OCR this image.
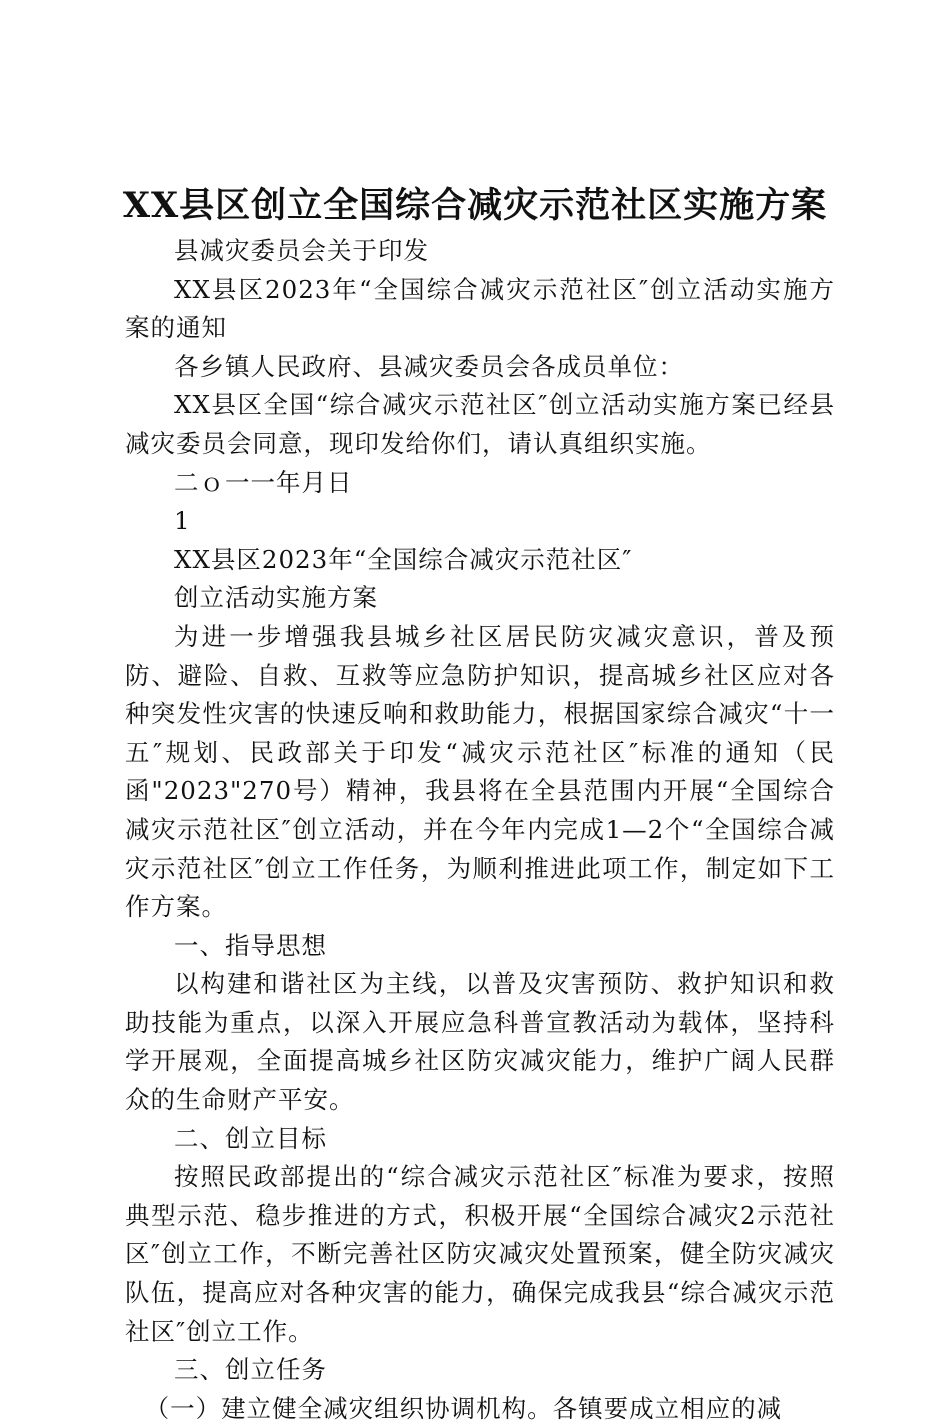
XX县区创立全国综合减灾示范社区实施方案

县减灾委员会关于印发

XX县区2023年“全国综合减灾示范社区″创立活动实施方案的通知

各乡镇人民政府、县减灾委员会各成员单位：

XX县区全国“综合减灾示范社区″创立活动实施方案已经县减灾委员会同意，现印发给你们，请认真组织实施。

二ｏ一一年月日

1

XX县区2023年“全国综合减灾示范社区″

创立活动实施方案

为进一步增强我县城乡社区居民防灾减灾意识，普及预防、避险、自救、互救等应急防护知识，提高城乡社区应对各种突发性灾害的快速反响和救助能力，根据国家综合减灾“十一五″规划、民政部关于印发“减灾示范社区″标准的通知（民函"2023"270号）精神，我县将在全县范围内开展“全国综合减灾示范社区″创立活动，并在今年内完成1—2个“全国综合减灾示范社区″创立工作任务，为顺利推进此项工作，制定如下工作方案。

一、指导思想

以构建和谐社区为主线，以普及灾害预防、救护知识和救助技能为重点，以深入开展应急科普宣教活动为载体，坚持科学开展观，全面提高城乡社区防灾减灾能力，维护广阔人民群众的生命财产平安。

二、创立目标

按照民政部提出的“综合减灾示范社区″标准为要求，按照典型示范、稳步推进的方式，积极开展“全国综合减灾2示范社区″创立工作，不断完善社区防灾减灾处置预案，健全防灾减灾队伍，提高应对各种灾害的能力，确保完成我县“综合减灾示范社区″创立工作。

三、创立任务

（一）建立健全减灾组织协调机构。各镇要成立相应的减
